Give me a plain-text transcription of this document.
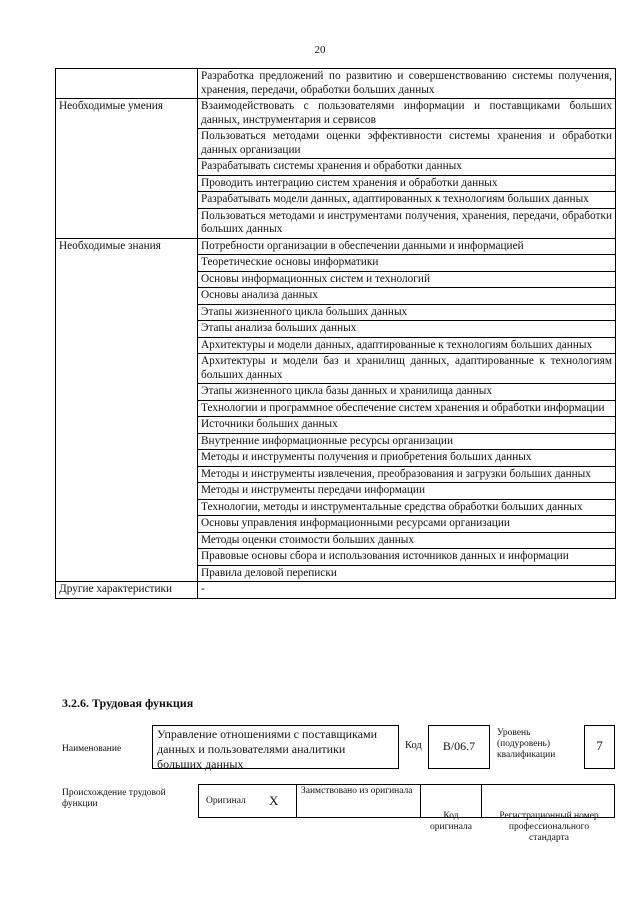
20
	Разработка предложений по развитию и совершенствованию системы получения, хранения, передачи, обработки больших данных
Необходимые умения	Взаимодействовать с пользователями информации и поставщиками больших данных, инструментария и сервисов
	Пользоваться методами оценки эффективности системы хранения и обработки данных организации
	Разрабатывать системы хранения и обработки данных
	Проводить интеграцию систем хранения и обработки данных
	Разрабатывать модели данных, адаптированных к технологиям больших данных
	Пользоваться методами и инструментами получения, хранения, передачи, обработки больших данных
Необходимые знания	Потребности организации в обеспечении данными и информацией
	Теоретические основы информатики
	Основы информационных систем и технологий
	Основы анализа данных
	Этапы жизненного цикла больших данных
	Этапы анализа больших данных
	Архитектуры и модели данных, адаптированные к технологиям больших данных
	Архитектуры и модели баз и хранилищ данных, адаптированные к технологиям больших данных
	Этапы жизненного цикла базы данных и хранилища данных
	Технологии и программное обеспечение систем хранения и обработки информации
	Источники больших данных
	Внутренние информационные ресурсы организации
	Методы и инструменты получения и приобретения больших данных
	Методы и инструменты извлечения, преобразования и загрузки больших данных
	Методы и инструменты передачи информации
	Технологии, методы и инструментальные средства обработки больших данных
	Основы управления информационными ресурсами организации
	Методы оценки стоимости больших данных
	Правовые основы сбора и использования источников данных и информации
	Правила деловой переписки
Другие характеристики	-
3.2.6. Трудовая функция
Наименование
Управление отношениями с поставщиками данных и пользователями аналитики больших данных
Код	B/06.7
Уровень (подуровень) квалификации
7
Происхождение трудовой функции	Оригинал X
Заимствовано из оригинала
Код оригинала
Регистрационный номер профессионального стандарта
